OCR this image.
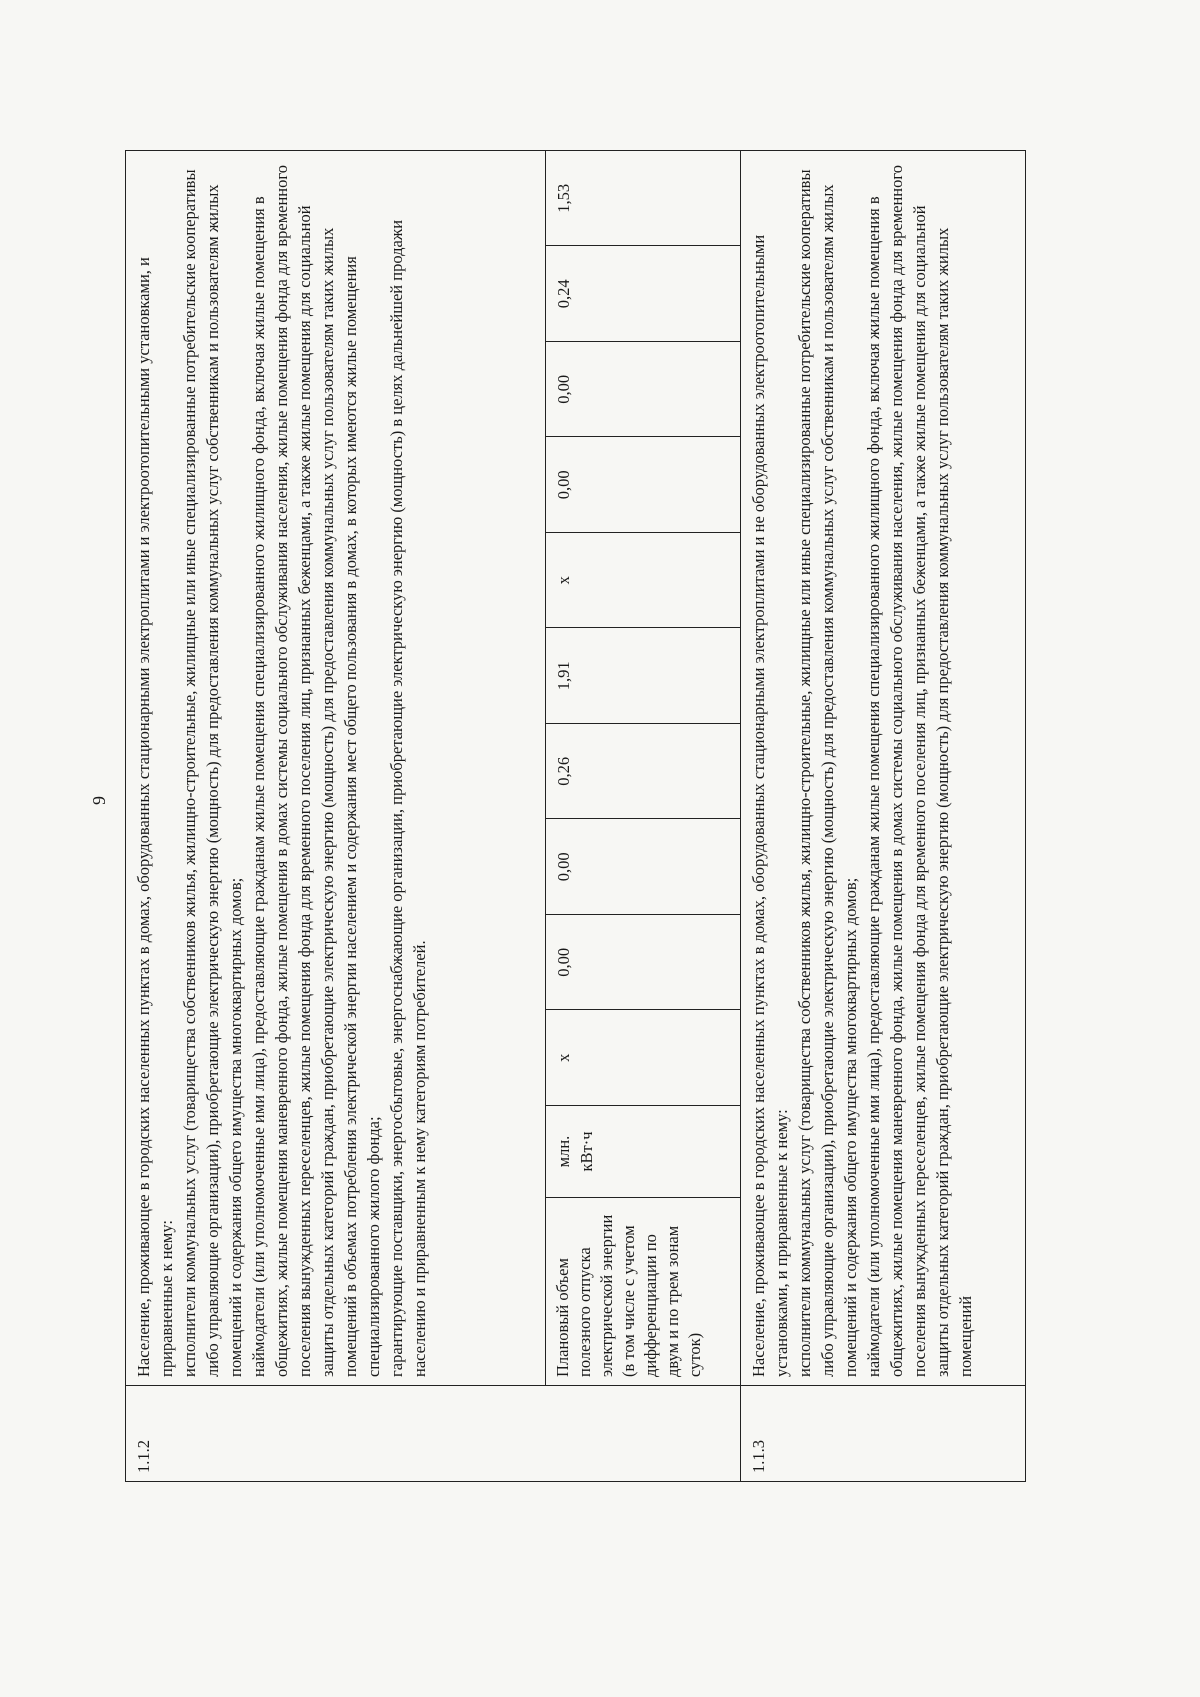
9
1.1.2	Население, проживающее в городских населенных пунктах в домах, оборудованных стационарными электроплитами и электроотопительными установками, и приравненные к нему: исполнители коммунальных услуг (товарищества собственников жилья, жилищно-строительные, жилищные или иные специализированные потребительские кооперативы либо управляющие организации), приобретающие электрическую энергию (мощность) для предоставления коммунальных услуг собственникам и пользователям жилых помещений и содержания общего имущества многоквартирных домов; наймодатели (или уполномоченные ими лица), предоставляющие гражданам жилые помещения специализированного жилищного фонда, включая жилые помещения в общежитиях, жилые помещения маневренного фонда, жилые помещения в домах системы социального обслуживания населения, жилые помещения фонда для временного поселения вынужденных переселенцев, жилые помещения фонда для временного поселения лиц, признанных беженцами, а также жилые помещения для социальной защиты отдельных категорий граждан, приобретающие электрическую энергию (мощность) для предоставления коммунальных услуг пользователям таких жилых помещений в объемах потребления электрической энергии населением и содержания мест общего пользования в домах, в которых имеются жилые помещения специализированного жилого фонда; гарантирующие поставщики, энергосбытовые, энергоснабжающие организации, приобретающие электрическую энергию (мощность) в целях дальнейшей продажи населению и приравненным к нему категориям потребителей.											

	Плановый объем полезного отпуска электрической энергии (в том числе с учетом дифференциации по двум и по трем зонам суток)	млн. кВт·ч	x	0,00	0,00	0,26	1,91	x	0,00	0,00	0,24	1,53
1.1.3	Население, проживающее в городских населенных пунктах в домах, оборудованных стационарными электроплитами и не оборудованных электроотопительными установками, и приравненные к нему: исполнители коммунальных услуг (товарищества собственников жилья, жилищно-строительные, жилищные или иные специализированные потребительские кооперативы либо управляющие организации), приобретающие электрическую энергию (мощность) для предоставления коммунальных услуг собственникам и пользователям жилых помещений и содержания общего имущества многоквартирных домов; наймодатели (или уполномоченные ими лица), предоставляющие гражданам жилые помещения специализированного жилищного фонда, включая жилые помещения в общежитиях, жилые помещения маневренного фонда, жилые помещения в домах системы социального обслуживания населения, жилые помещения фонда для временного поселения вынужденных переселенцев, жилые помещения фонда для временного поселения лиц, признанных беженцами, а также жилые помещения для социальной защиты отдельных категорий граждан, приобретающие электрическую энергию (мощность) для предоставления коммунальных услуг пользователям таких жилых помещений											
